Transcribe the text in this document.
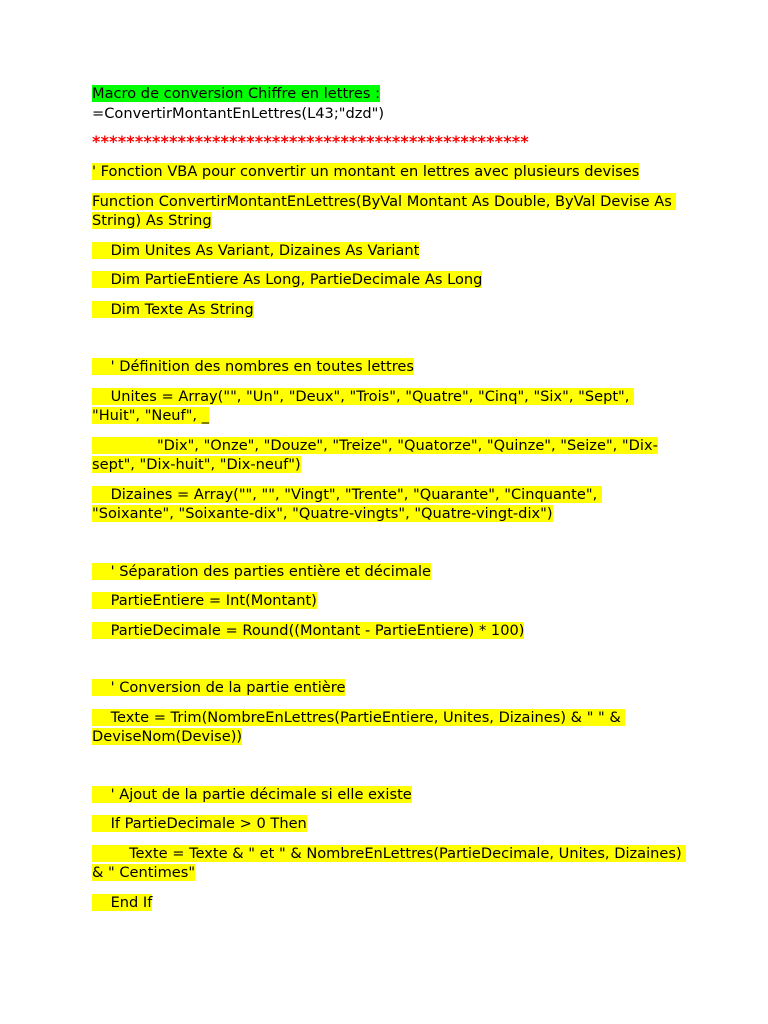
Macro de conversion Chiffre en lettres :

=ConvertirMontantEnLettres(L43;"dzd")

***************************************************

' Fonction VBA pour convertir un montant en lettres avec plusieurs devises

Function ConvertirMontantEnLettres(ByVal Montant As Double, ByVal Devise As String) As String

Dim Unites As Variant, Dizaines As Variant

Dim PartieEntiere As Long, PartieDecimale As Long

Dim Texte As String

' Définition des nombres en toutes lettres

Unites = Array("", "Un", "Deux", "Trois", "Quatre", "Cinq", "Six", "Sept", "Huit", "Neuf", _

"Dix", "Onze", "Douze", "Treize", "Quatorze", "Quinze", "Seize", "Dix-sept", "Dix-huit", "Dix-neuf")

Dizaines = Array("", "", "Vingt", "Trente", "Quarante", "Cinquante", "Soixante", "Soixante-dix", "Quatre-vingts", "Quatre-vingt-dix")

' Séparation des parties entière et décimale

PartieEntiere = Int(Montant)

PartieDecimale = Round((Montant - PartieEntiere) * 100)

' Conversion de la partie entière

Texte = Trim(NombreEnLettres(PartieEntiere, Unites, Dizaines) & " " & DeviseNom(Devise))

' Ajout de la partie décimale si elle existe

If PartieDecimale > 0 Then

Texte = Texte & " et " & NombreEnLettres(PartieDecimale, Unites, Dizaines) & " Centimes"

End If
